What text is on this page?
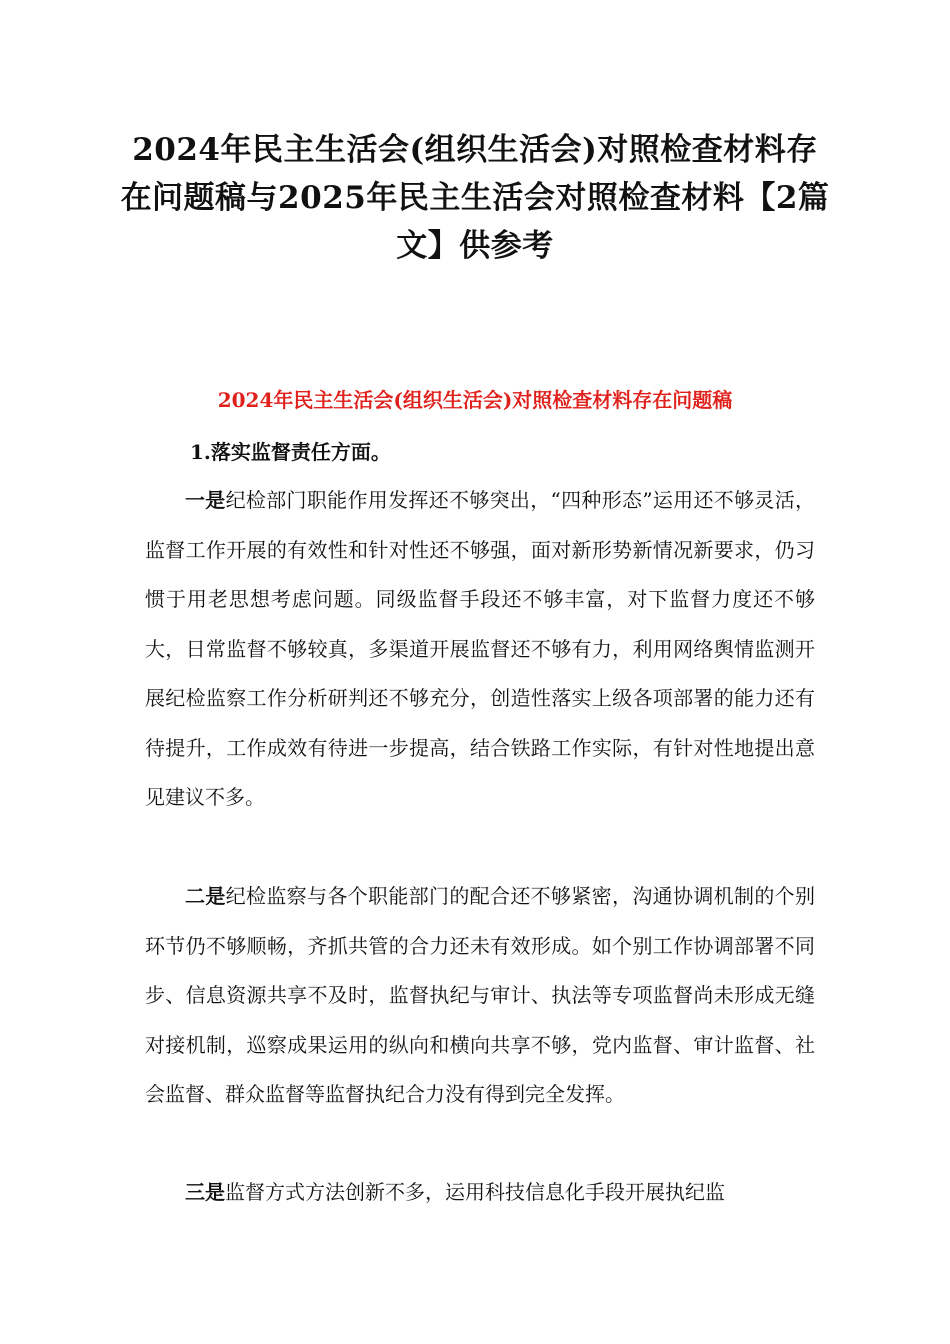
2024年民主生活会(组织生活会)对照检查材料存在问题稿与2025年民主生活会对照检查材料【2篇文】供参考
2024年民主生活会(组织生活会)对照检查材料存在问题稿

1.落实监督责任方面。

一是纪检部门职能作用发挥还不够突出，“四种形态”运用还不够灵活，监督工作开展的有效性和针对性还不够强，面对新形势新情况新要求，仍习惯于用老思想考虑问题。同级监督手段还不够丰富，对下监督力度还不够大，日常监督不够较真，多渠道开展监督还不够有力，利用网络舆情监测开展纪检监察工作分析研判还不够充分，创造性落实上级各项部署的能力还有待提升，工作成效有待进一步提高，结合铁路工作实际，有针对性地提出意见建议不多。

二是纪检监察与各个职能部门的配合还不够紧密，沟通协调机制的个别环节仍不够顺畅，齐抓共管的合力还未有效形成。如个别工作协调部署不同步、信息资源共享不及时，监督执纪与审计、执法等专项监督尚未形成无缝对接机制，巡察成果运用的纵向和横向共享不够，党内监督、审计监督、社会监督、群众监督等监督执纪合力没有得到完全发挥。

三是监督方式方法创新不多，运用科技信息化手段开展执纪监
